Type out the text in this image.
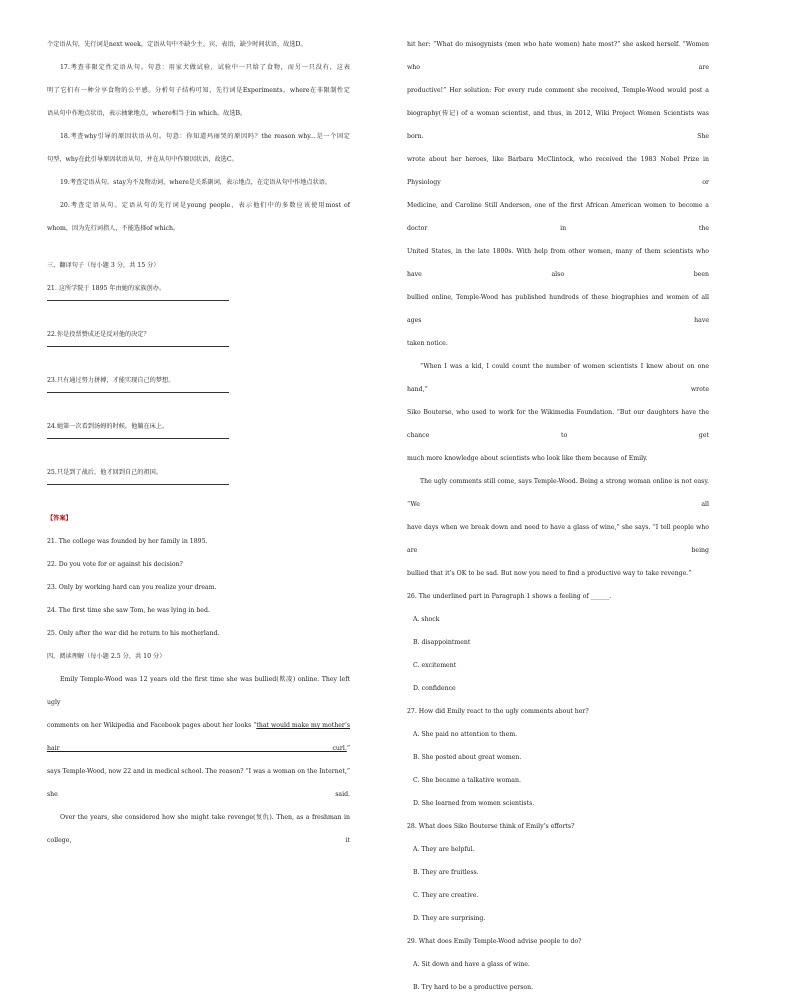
个定语从句，先行词是next week，定语从句中不缺少主、宾、表语，缺少时间状语，故选D。

17.考查非限定性定语从句。句意：用家犬做试验，试验中一只给了食物，而另一只没有，这表

明了它们有一种分享食物的公平感。分析句子结构可知，先行词是Experiments，where在非限制性定

语从句中作地点状语，表示抽象地点，where相当于in which。故选B。

18.考查why引导的原因状语从句。句意：你知道玛丽哭的原因吗？the reason why...是一个固定

句型，why在此引导原因状语从句，并在从句中作原因状语，故选C。

19.考查定语从句。stay为不及物动词，where是关系副词，表示地点，在定语从句中作地点状语。

20.考查定语从句。定语从句的先行词是young people，表示他们中的多数应该使用most of

whom，因为先行词指人，不能选择of which。

三、翻译句子（每小题 3 分，共 15 分）

21. 这所学院于 1895 年由她的家族创办。

22.你是投票赞成还是反对他的决定？

23.只有通过努力拼搏，才能实现自己的梦想。

24.她第一次看到汤姆的时候，他躺在床上。

25.只是到了战后，他才回到自己的祖国。

【答案】

21. The college was founded by her family in 1895.

22. Do you vote for or against his decision?

23. Only by working hard can you realize your dream.

24. The first time she saw Tom, he was lying in bed.

25. Only after the war did he return to his motherland.

四、阅读理解（每小题 2.5 分，共 10 分）

Emily Temple-Wood was 12 years old the first time she was bullied(欺凌) online. They left ugly

comments on her Wikipedia and Facebook pages about her looks “that would make my mother’s hair curl.”

says Temple-Wood, now 22 and in medical school. The reason? “I was a woman on the Internet,” she said.

Over the years, she considered how she might take revenge(复仇). Then, as a freshman in college, it

hit her: “What do misogynists (men who hate women) hate most?” she asked herself. “Women who are

productive!” Her solution: For every rude comment she received, Temple-Wood would post a

biography(传记) of a woman scientist, and thus, in 2012, Wiki Project Women Scientists was born. She

wrote about her heroes, like Barbara McClintock, who received the 1983 Nobel Prize in Physiology or

Medicine, and Caroline Still Anderson, one of the first African American women to become a doctor in the

United States, in the late 1800s. With help from other women, many of them scientists who have also been

bullied online, Temple-Wood has published hundreds of these biographies and women of all ages have

taken notice.

“When I was a kid, I could count the number of women scientists I knew about on one hand,” wrote

Siko Bouterse, who used to work for the Wikimedia Foundation. “But our daughters have the chance to get

much more knowledge about scientists who look like them because of Emily.

The ugly comments still come, says Temple-Wood. Being a strong woman online is not easy. “We all

have days when we break down and need to have a glass of wine,” she says. “I tell people who are being

bullied that it’s OK to be sad. But now you need to find a productive way to take revenge.”

26. The underlined part in Paragraph 1 shows a feeling of ______.

A. shock

B. disappointment

C. excitement

D. confidence

27. How did Emily react to the ugly comments about her?

A. She paid no attention to them.

B. She posted about great women.

C. She became a talkative woman.

D. She learned from women scientists.

28. What does Siko Bouterse think of Emily’s efforts?

A. They are helpful.

B. They are fruitless.

C. They are creative.

D. They are surprising.

29. What does Emily Temple-Wood advise people to do?

A. Sit down and have a glass of wine.

B. Try hard to be a productive person.
